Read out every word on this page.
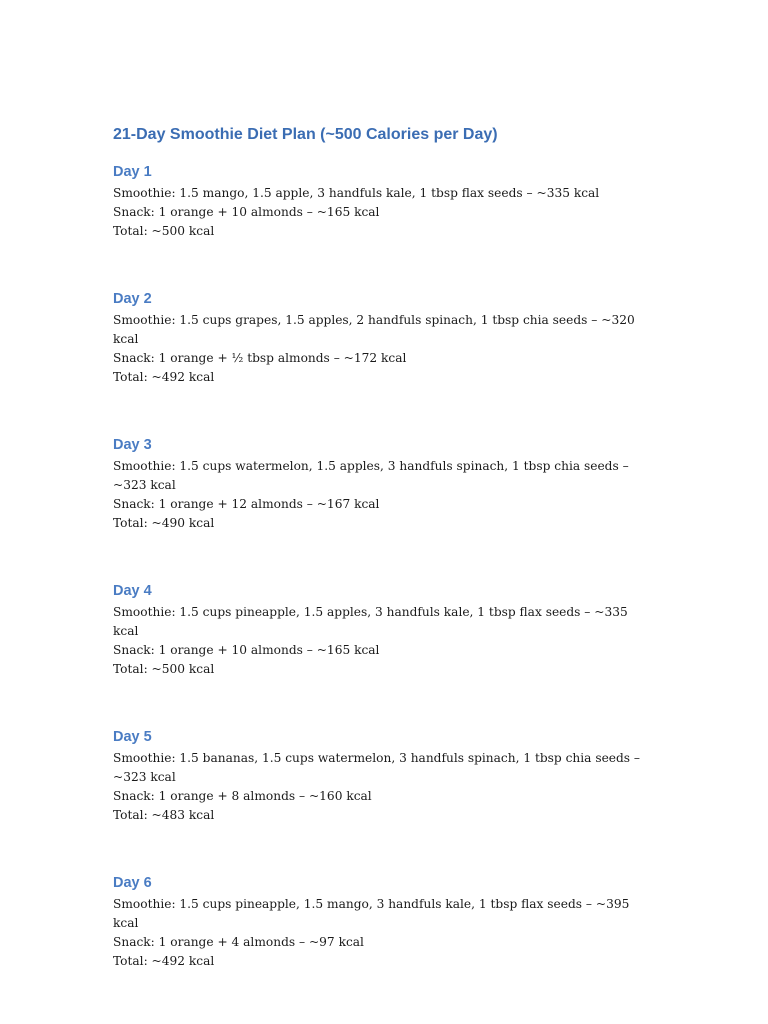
21-Day Smoothie Diet Plan (~500 Calories per Day)
Day 1

Smoothie: 1.5 mango, 1.5 apple, 3 handfuls kale, 1 tbsp flax seeds – ~335 kcal

Snack: 1 orange + 10 almonds – ~165 kcal

Total: ~500 kcal

Day 2

Smoothie: 1.5 cups grapes, 1.5 apples, 2 handfuls spinach, 1 tbsp chia seeds – ~320 kcal

Snack: 1 orange + ½ tbsp almonds – ~172 kcal

Total: ~492 kcal

Day 3

Smoothie: 1.5 cups watermelon, 1.5 apples, 3 handfuls spinach, 1 tbsp chia seeds – ~323 kcal

Snack: 1 orange + 12 almonds – ~167 kcal

Total: ~490 kcal

Day 4

Smoothie: 1.5 cups pineapple, 1.5 apples, 3 handfuls kale, 1 tbsp flax seeds – ~335 kcal

Snack: 1 orange + 10 almonds – ~165 kcal

Total: ~500 kcal

Day 5

Smoothie: 1.5 bananas, 1.5 cups watermelon, 3 handfuls spinach, 1 tbsp chia seeds – ~323 kcal

Snack: 1 orange + 8 almonds – ~160 kcal

Total: ~483 kcal

Day 6

Smoothie: 1.5 cups pineapple, 1.5 mango, 3 handfuls kale, 1 tbsp flax seeds – ~395 kcal

Snack: 1 orange + 4 almonds – ~97 kcal

Total: ~492 kcal
